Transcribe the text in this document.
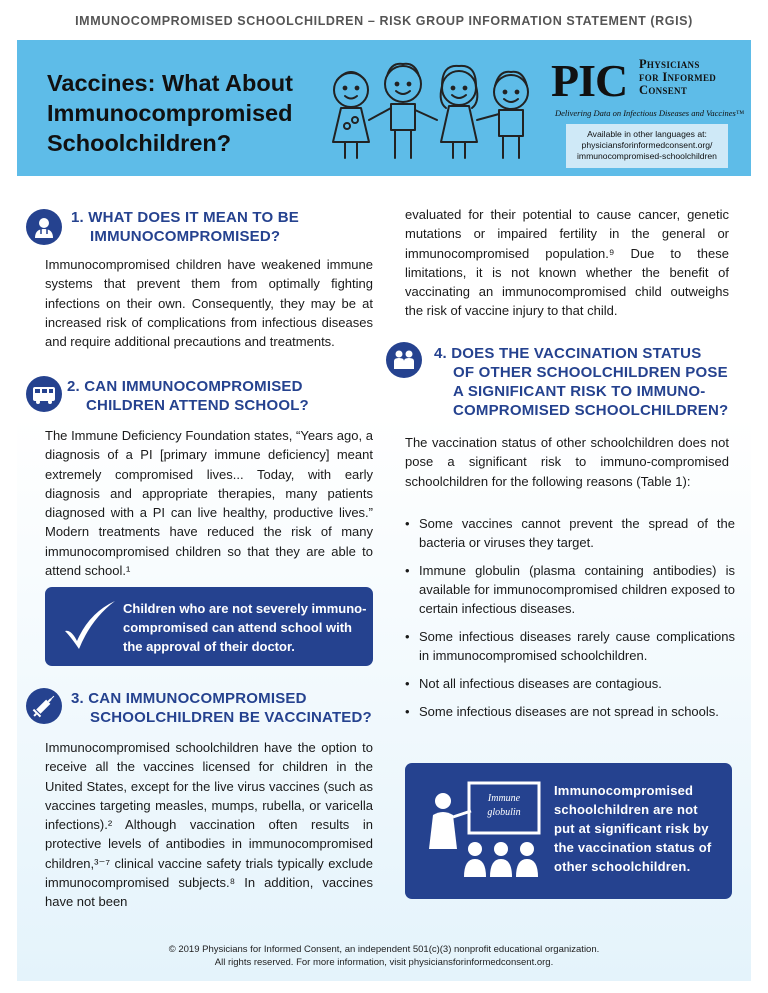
IMMUNOCOMPROMISED SCHOOLCHILDREN – RISK GROUP INFORMATION STATEMENT (RGIS)
Vaccines: What About
Immunocompromised
Schoolchildren?
PIC Physicians
for Informed
Consent
Delivering Data on Infectious Diseases and Vaccines™
Available in other languages at:
physiciansforinformedconsent.org/
immunocompromised-schoolchildren
1. WHAT DOES IT MEAN TO BE
IMMUNOCOMPROMISED?
Immunocompromised children have weakened immune systems that prevent them from optimally fighting infections on their own. Consequently, they may be at increased risk of complications from infectious diseases and require additional precautions and treatments.
2. CAN IMMUNOCOMPROMISED
CHILDREN ATTEND SCHOOL?
The Immune Deficiency Foundation states, “Years ago, a diagnosis of a PI [primary immune deficiency] meant extremely compromised lives... Today, with early diagnosis and appropriate therapies, many patients diagnosed with a PI can live healthy, productive lives.” Modern treatments have reduced the risk of many immunocompromised children so that they are able to attend school.¹
Children who are not severely immuno-
compromised can attend school with
the approval of their doctor.
3. CAN IMMUNOCOMPROMISED
SCHOOLCHILDREN BE VACCINATED?
Immunocompromised schoolchildren have the option to receive all the vaccines licensed for children in the United States, except for the live virus vaccines (such as vaccines targeting measles, mumps, rubella, or varicella infections).² Although vaccination often results in protective levels of antibodies in immunocompromised children,³⁻⁷ clinical vaccine safety trials typically exclude immunocompromised subjects.⁸ In addition, vaccines have not been
evaluated for their potential to cause cancer, genetic mutations or impaired fertility in the general or immunocompromised population.⁹ Due to these limitations, it is not known whether the benefit of vaccinating an immunocompromised child outweighs the risk of vaccine injury to that child.
4. DOES THE VACCINATION STATUS
OF OTHER SCHOOLCHILDREN POSE
A SIGNIFICANT RISK TO IMMUNO-
COMPROMISED SCHOOLCHILDREN?
The vaccination status of other schoolchildren does not pose a significant risk to immuno-compromised schoolchildren for the following reasons (Table 1):
• Some vaccines cannot prevent the spread of the bacteria or viruses they target.
• Immune globulin (plasma containing antibodies) is available for immunocompromised children exposed to certain infectious diseases.
• Some infectious diseases rarely cause complications in immunocompromised schoolchildren.
• Not all infectious diseases are contagious.
• Some infectious diseases are not spread in schools.
Immune
globulin
Immunocompromised
schoolchildren are not
put at significant risk by
the vaccination status of
other schoolchildren.
© 2019 Physicians for Informed Consent, an independent 501(c)(3) nonprofit educational organization.
All rights reserved. For more information, visit physiciansforinformedconsent.org.
